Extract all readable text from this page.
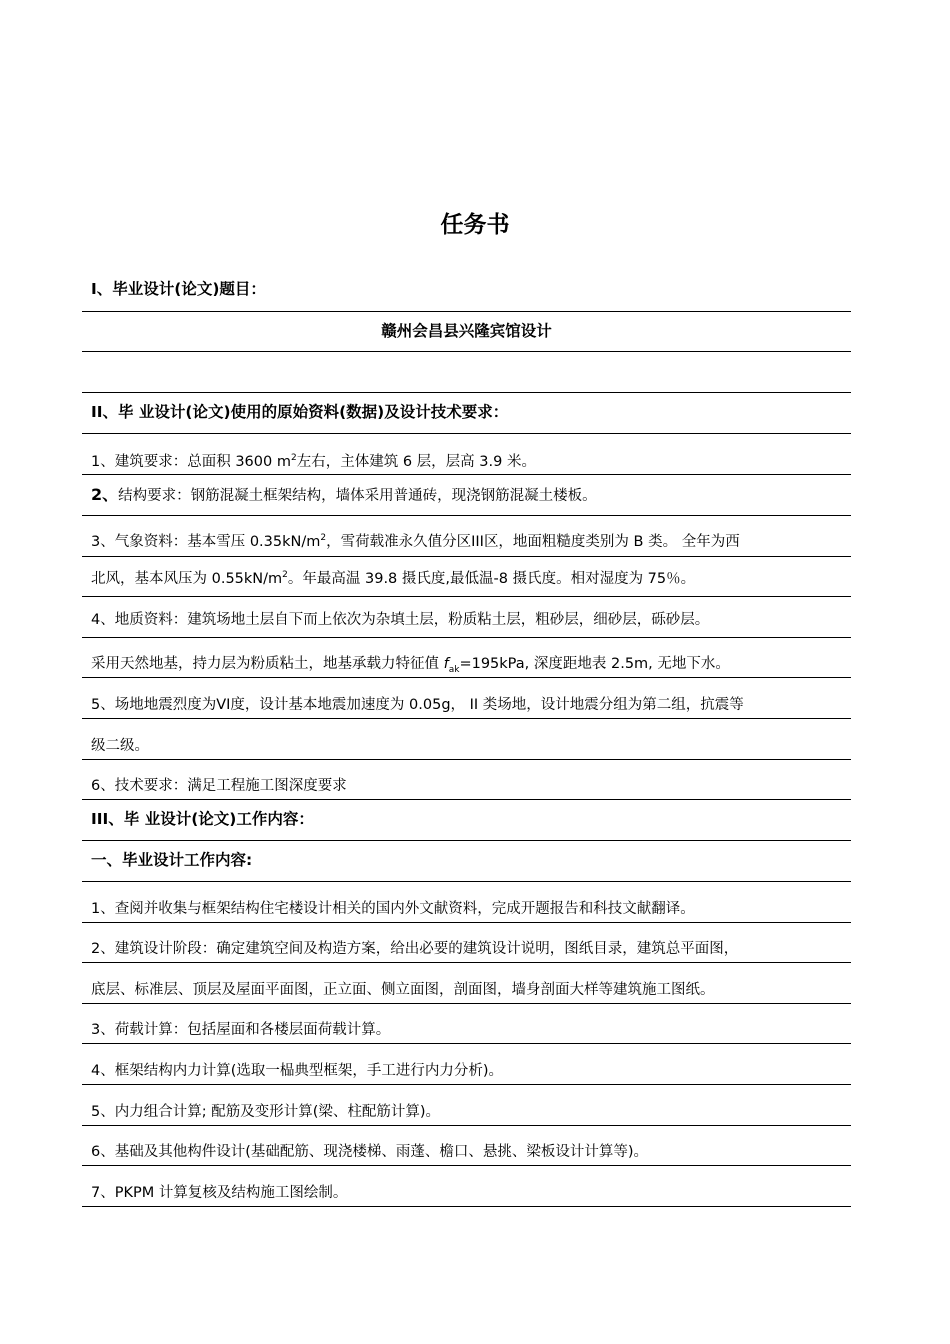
任务书
I、毕业设计(论文)题目：
赣州会昌县兴隆宾馆设计
II、毕 业设计(论文)使用的原始资料(数据)及设计技术要求：
1、建筑要求：总面积 3600 $m^2$左右，主体建筑 6 层，层高 3.9 米。
2、结构要求：钢筋混凝土框架结构，墙体采用普通砖，现浇钢筋混凝土楼板。
3、气象资料：基本雪压 $0.35kN/m^2$，雪荷载准永久值分区III区，地面粗糙度类别为 B 类。 全年为西
北风，基本风压为 $0.55kN/m^2$。年最高温 39.8 摄氏度,最低温-8 摄氏度。相对湿度为 75％。
4、地质资料：建筑场地土层自下而上依次为杂填土层，粉质粘土层，粗砂层，细砂层，砾砂层。
采用天然地基，持力层为粉质粘土，地基承载力特征值 $f_{ak}=195kPa$, 深度距地表 2.5m, 无地下水。
5、场地地震烈度为VI度，设计基本地震加速度为 0.05g， II 类场地，设计地震分组为第二组，抗震等
级二级。
6、技术要求：满足工程施工图深度要求
III、毕 业设计(论文)工作内容：
一、毕业设计工作内容:
1、查阅并收集与框架结构住宅楼设计相关的国内外文献资料，完成开题报告和科技文献翻译。
2、建筑设计阶段：确定建筑空间及构造方案，给出必要的建筑设计说明，图纸目录，建筑总平面图，
底层、标准层、顶层及屋面平面图，正立面、侧立面图，剖面图，墙身剖面大样等建筑施工图纸。
3、荷载计算：包括屋面和各楼层面荷载计算。
4、框架结构内力计算(选取一榀典型框架，手工进行内力分析)。
5、内力组合计算; 配筋及变形计算(梁、柱配筋计算)。
6、基础及其他构件设计(基础配筋、现浇楼梯、雨蓬、檐口、悬挑、梁板设计计算等)。
7、PKPM 计算复核及结构施工图绘制。
